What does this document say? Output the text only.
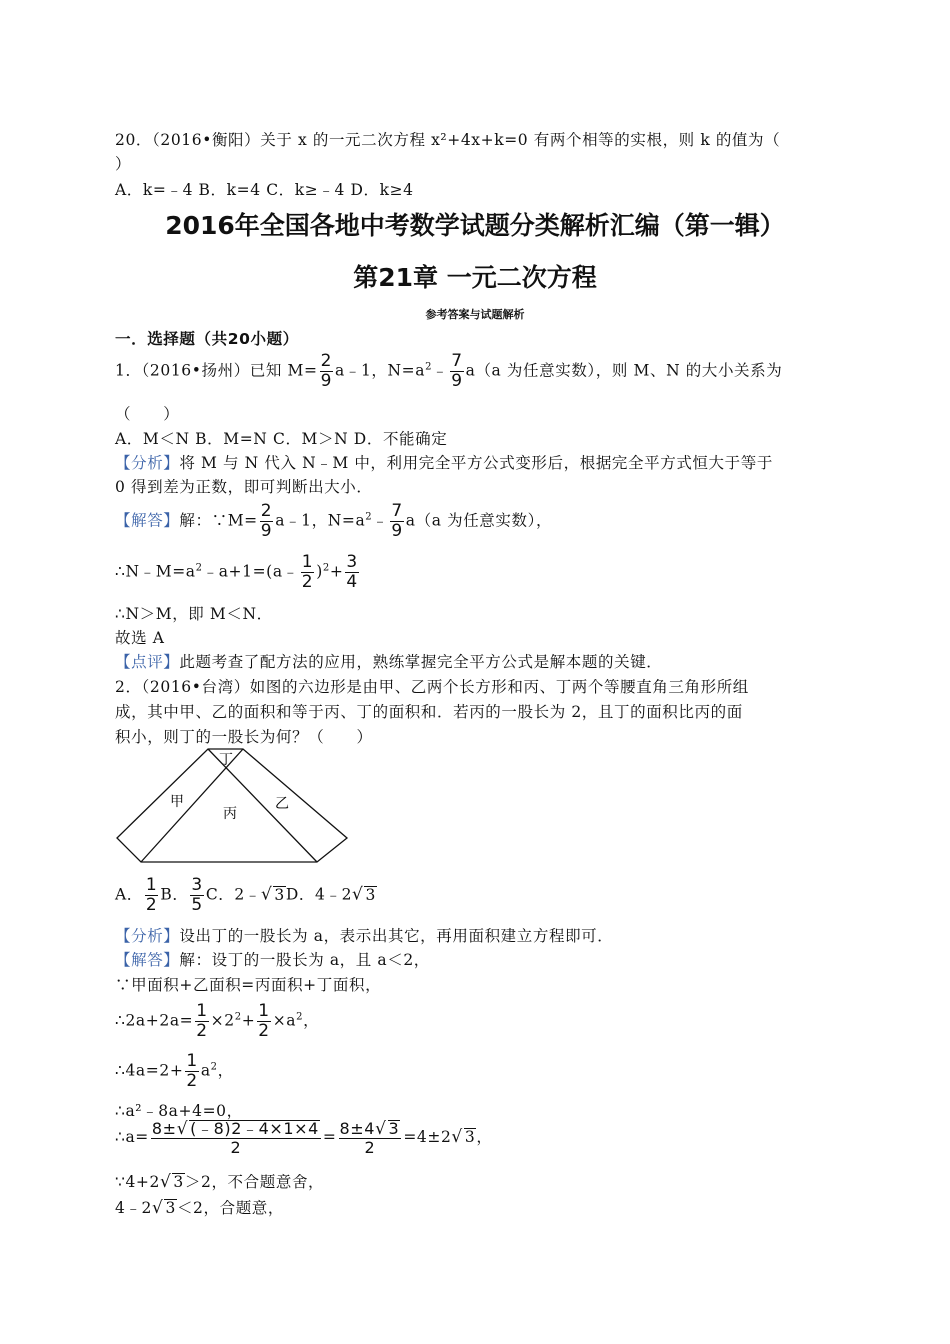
20．（2016•衡阳）关于 x 的一元二次方程 x²+4x+k=0 有两个相等的实根，则 k 的值为（
）
A．k=﹣4 B．k=4 C．k≥﹣4 D．k≥4
2016年全国各地中考数学试题分类解析汇编（第一辑）
第21章 一元二次方程
参考答案与试题解析
一．选择题（共20小题）
1．（2016•扬州）已知 $M= \frac{2}{9}$ a﹣1，$N=a^2﹣ \frac{7}{9} a(a$ 为任意实数），则 M、N 的大小关系为
（　　）
A．M＜N B．M=N C．M＞N D．不能确定
【分析】将 M 与 N 代入 N﹣M 中，利用完全平方公式变形后，根据完全平方式恒大于等于
0 得到差为正数，即可判断出大小．
【解答】解：∵M= $\frac{2}{9}$ a﹣1，$N=a^2﹣ \frac{7}{9} a(a$ 为任意实数），
$\therefore N﹣M=a^2﹣a+1=(a﹣ \frac{1}{2} )^2+ \frac{3}{4}$
∴N＞M，即 M＜N．
故选 A
【点评】此题考查了配方法的应用，熟练掌握完全平方公式是解本题的关键．
2．（2016•台湾）如图的六边形是由甲、乙两个长方形和丙、丁两个等腰直角三角形所组
成，其中甲、乙的面积和等于丙、丁的面积和．若丙的一股长为 2，且丁的面积比丙的面
积小，则丁的一股长为何？（　　）
甲	乙
丙
丁
A． $\frac{1}{2}$ B． $\frac{3}{5}$ C．2﹣√ 3D．4﹣2√ 3
【分析】设出丁的一股长为 a，表示出其它，再用面积建立方程即可．
【解答】解：设丁的一股长为 a，且 a＜2，
∵甲面积+乙面积=丙面积+丁面积，
∴2a+2a= $\frac{1}{2} \times 2^2+ \frac{1}{2} \times a^2$，
∴4a=2+ $\frac{1}{2} a^2$，
∴a²﹣8a+4=0，
∴a= $\frac{8\pm√ (﹣8)2﹣4\times 1\times 4}{2} = \frac{8\pm 4√ 3}{2} =4\pm 2√$ 3，
∵4+2√ 3＞2，不合题意舍，
4﹣2√ 3＜2，合题意，
